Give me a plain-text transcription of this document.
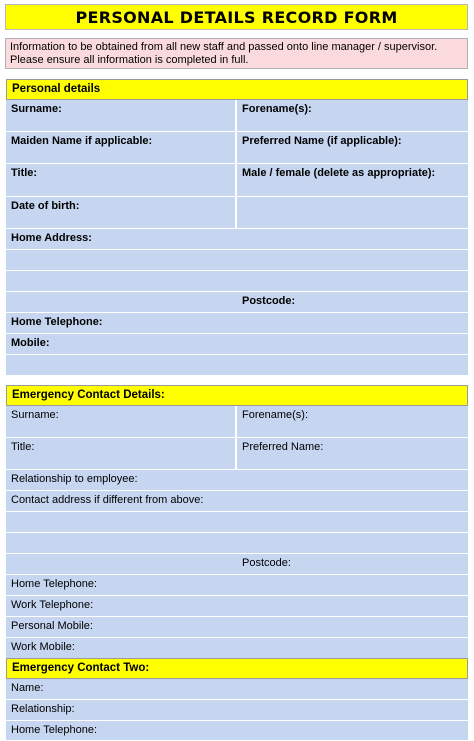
PERSONAL DETAILS RECORD FORM
Information to be obtained from all new staff and passed onto line manager / supervisor.
Please ensure all information is completed in full.
Personal details
Surname:	Forename(s):
Maiden Name if applicable:	Preferred Name (if applicable):
Title:	Male / female (delete as appropriate):
Date of birth:
Home Address:
Postcode:
Home Telephone:
Mobile:
Emergency Contact Details:
Surname:	Forename(s):
Title:	Preferred Name:
Relationship to employee:
Contact address if different from above:
Postcode:
Home Telephone:
Work Telephone:
Personal Mobile:
Work Mobile:
Emergency Contact Two:
Name:
Relationship:
Home Telephone:
